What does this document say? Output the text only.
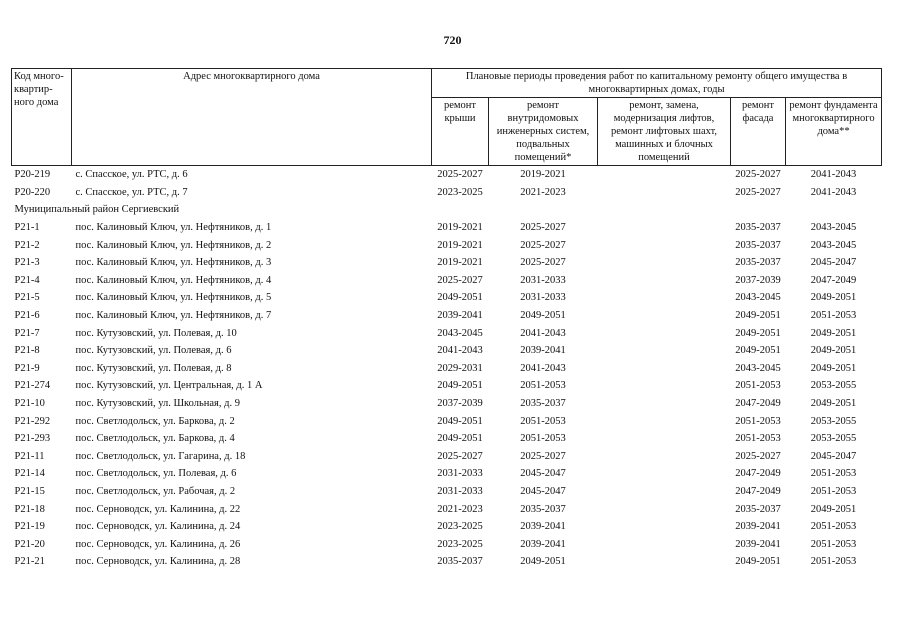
720
Код много-
квартир-
ного дома	Адрес многоквартирного дома	Плановые периоды проведения работ по капитальному ремонту общего имущества в многоквартирных домах, годы				
		ремонт
крыши	ремонт
внутридомовых
инженерных систем,
подвальных
помещений*	ремонт, замена,
модернизация лифтов,
ремонт лифтовых шахт,
машинных и блочных
помещений	ремонт
фасада	ремонт фундамента
многоквартирного
дома**
Р20-219	с. Спасское, ул. РТС, д. 6	2025-2027	2019-2021		2025-2027	2041-2043
Р20-220	с. Спасское, ул. РТС, д. 7	2023-2025	2021-2023		2025-2027	2041-2043
Муниципальный район Сергиевский						
Р21-1	пос. Калиновый Ключ, ул. Нефтяников, д. 1	2019-2021	2025-2027		2035-2037	2043-2045
Р21-2	пос. Калиновый Ключ, ул. Нефтяников, д. 2	2019-2021	2025-2027		2035-2037	2043-2045
Р21-3	пос. Калиновый Ключ, ул. Нефтяников, д. 3	2019-2021	2025-2027		2035-2037	2045-2047
Р21-4	пос. Калиновый Ключ, ул. Нефтяников, д. 4	2025-2027	2031-2033		2037-2039	2047-2049
Р21-5	пос. Калиновый Ключ, ул. Нефтяников, д. 5	2049-2051	2031-2033		2043-2045	2049-2051
Р21-6	пос. Калиновый Ключ, ул. Нефтяников, д. 7	2039-2041	2049-2051		2049-2051	2051-2053
Р21-7	пос. Кутузовский, ул. Полевая, д. 10	2043-2045	2041-2043		2049-2051	2049-2051
Р21-8	пос. Кутузовский, ул. Полевая, д. 6	2041-2043	2039-2041		2049-2051	2049-2051
Р21-9	пос. Кутузовский, ул. Полевая, д. 8	2029-2031	2041-2043		2043-2045	2049-2051
Р21-274	пос. Кутузовский, ул. Центральная, д. 1 А	2049-2051	2051-2053		2051-2053	2053-2055
Р21-10	пос. Кутузовский, ул. Школьная, д. 9	2037-2039	2035-2037		2047-2049	2049-2051
Р21-292	пос. Светлодольск, ул. Баркова, д. 2	2049-2051	2051-2053		2051-2053	2053-2055
Р21-293	пос. Светлодольск, ул. Баркова, д. 4	2049-2051	2051-2053		2051-2053	2053-2055
Р21-11	пос. Светлодольск, ул. Гагарина, д. 18	2025-2027	2025-2027		2025-2027	2045-2047
Р21-14	пос. Светлодольск, ул. Полевая, д. 6	2031-2033	2045-2047		2047-2049	2051-2053
Р21-15	пос. Светлодольск, ул. Рабочая, д. 2	2031-2033	2045-2047		2047-2049	2051-2053
Р21-18	пос. Серноводск, ул. Калинина, д. 22	2021-2023	2035-2037		2035-2037	2049-2051
Р21-19	пос. Серноводск, ул. Калинина, д. 24	2023-2025	2039-2041		2039-2041	2051-2053
Р21-20	пос. Серноводск, ул. Калинина, д. 26	2023-2025	2039-2041		2039-2041	2051-2053
Р21-21	пос. Серноводск, ул. Калинина, д. 28	2035-2037	2049-2051		2049-2051	2051-2053
